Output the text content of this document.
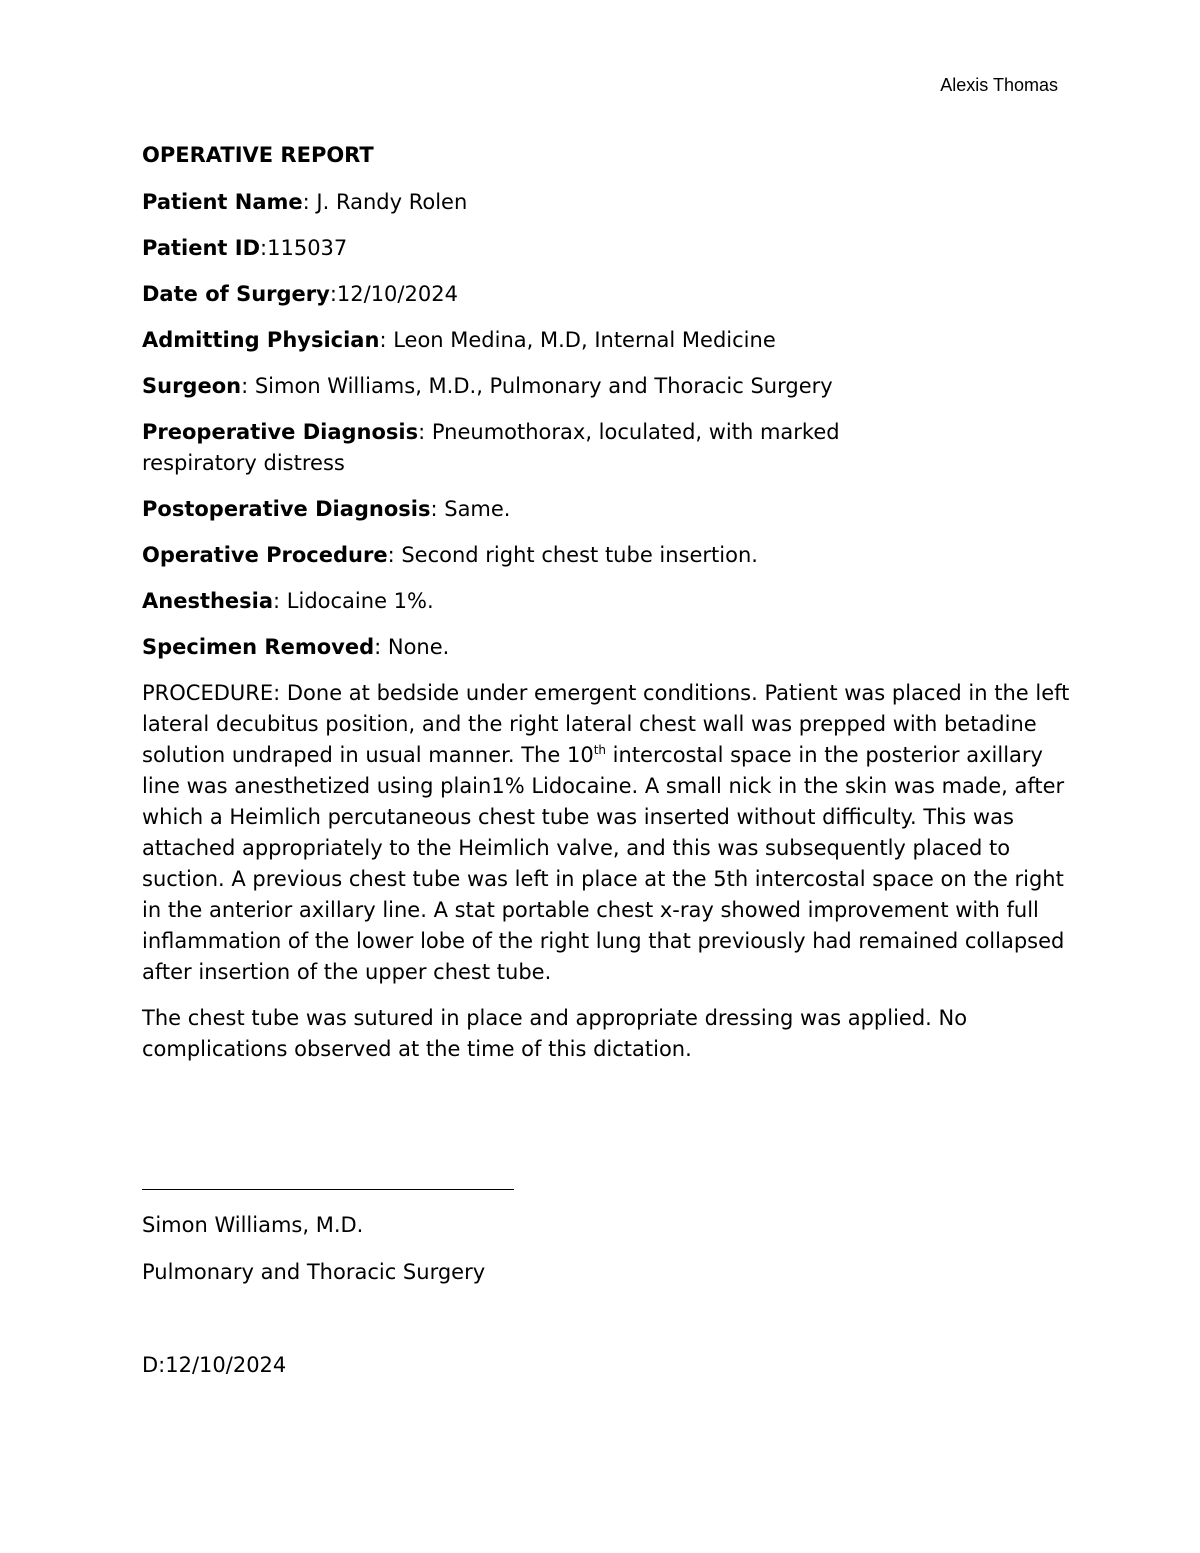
Alexis Thomas
OPERATIVE REPORT
Patient Name: J. Randy Rolen
Patient ID:115037
Date of Surgery:12/10/2024
Admitting Physician: Leon Medina, M.D, Internal Medicine
Surgeon: Simon Williams, M.D., Pulmonary and Thoracic Surgery
Preoperative Diagnosis: Pneumothorax, loculated, with marked respiratory distress
Postoperative Diagnosis: Same.
Operative Procedure: Second right chest tube insertion.
Anesthesia: Lidocaine 1%.
Specimen Removed: None.
PROCEDURE: Done at bedside under emergent conditions. Patient was placed in the left lateral decubitus position, and the right lateral chest wall was prepped with betadine solution undraped in usual manner. The 10th intercostal space in the posterior axillary line was anesthetized using plain1% Lidocaine. A small nick in the skin was made, after which a Heimlich percutaneous chest tube was inserted without difficulty. This was attached appropriately to the Heimlich valve, and this was subsequently placed to suction. A previous chest tube was left in place at the 5th intercostal space on the right in the anterior axillary line. A stat portable chest x-ray showed improvement with full inflammation of the lower lobe of the right lung that previously had remained collapsed after insertion of the upper chest tube.
The chest tube was sutured in place and appropriate dressing was applied. No complications observed at the time of this dictation.
Simon Williams, M.D.
Pulmonary and Thoracic Surgery
D:12/10/2024
